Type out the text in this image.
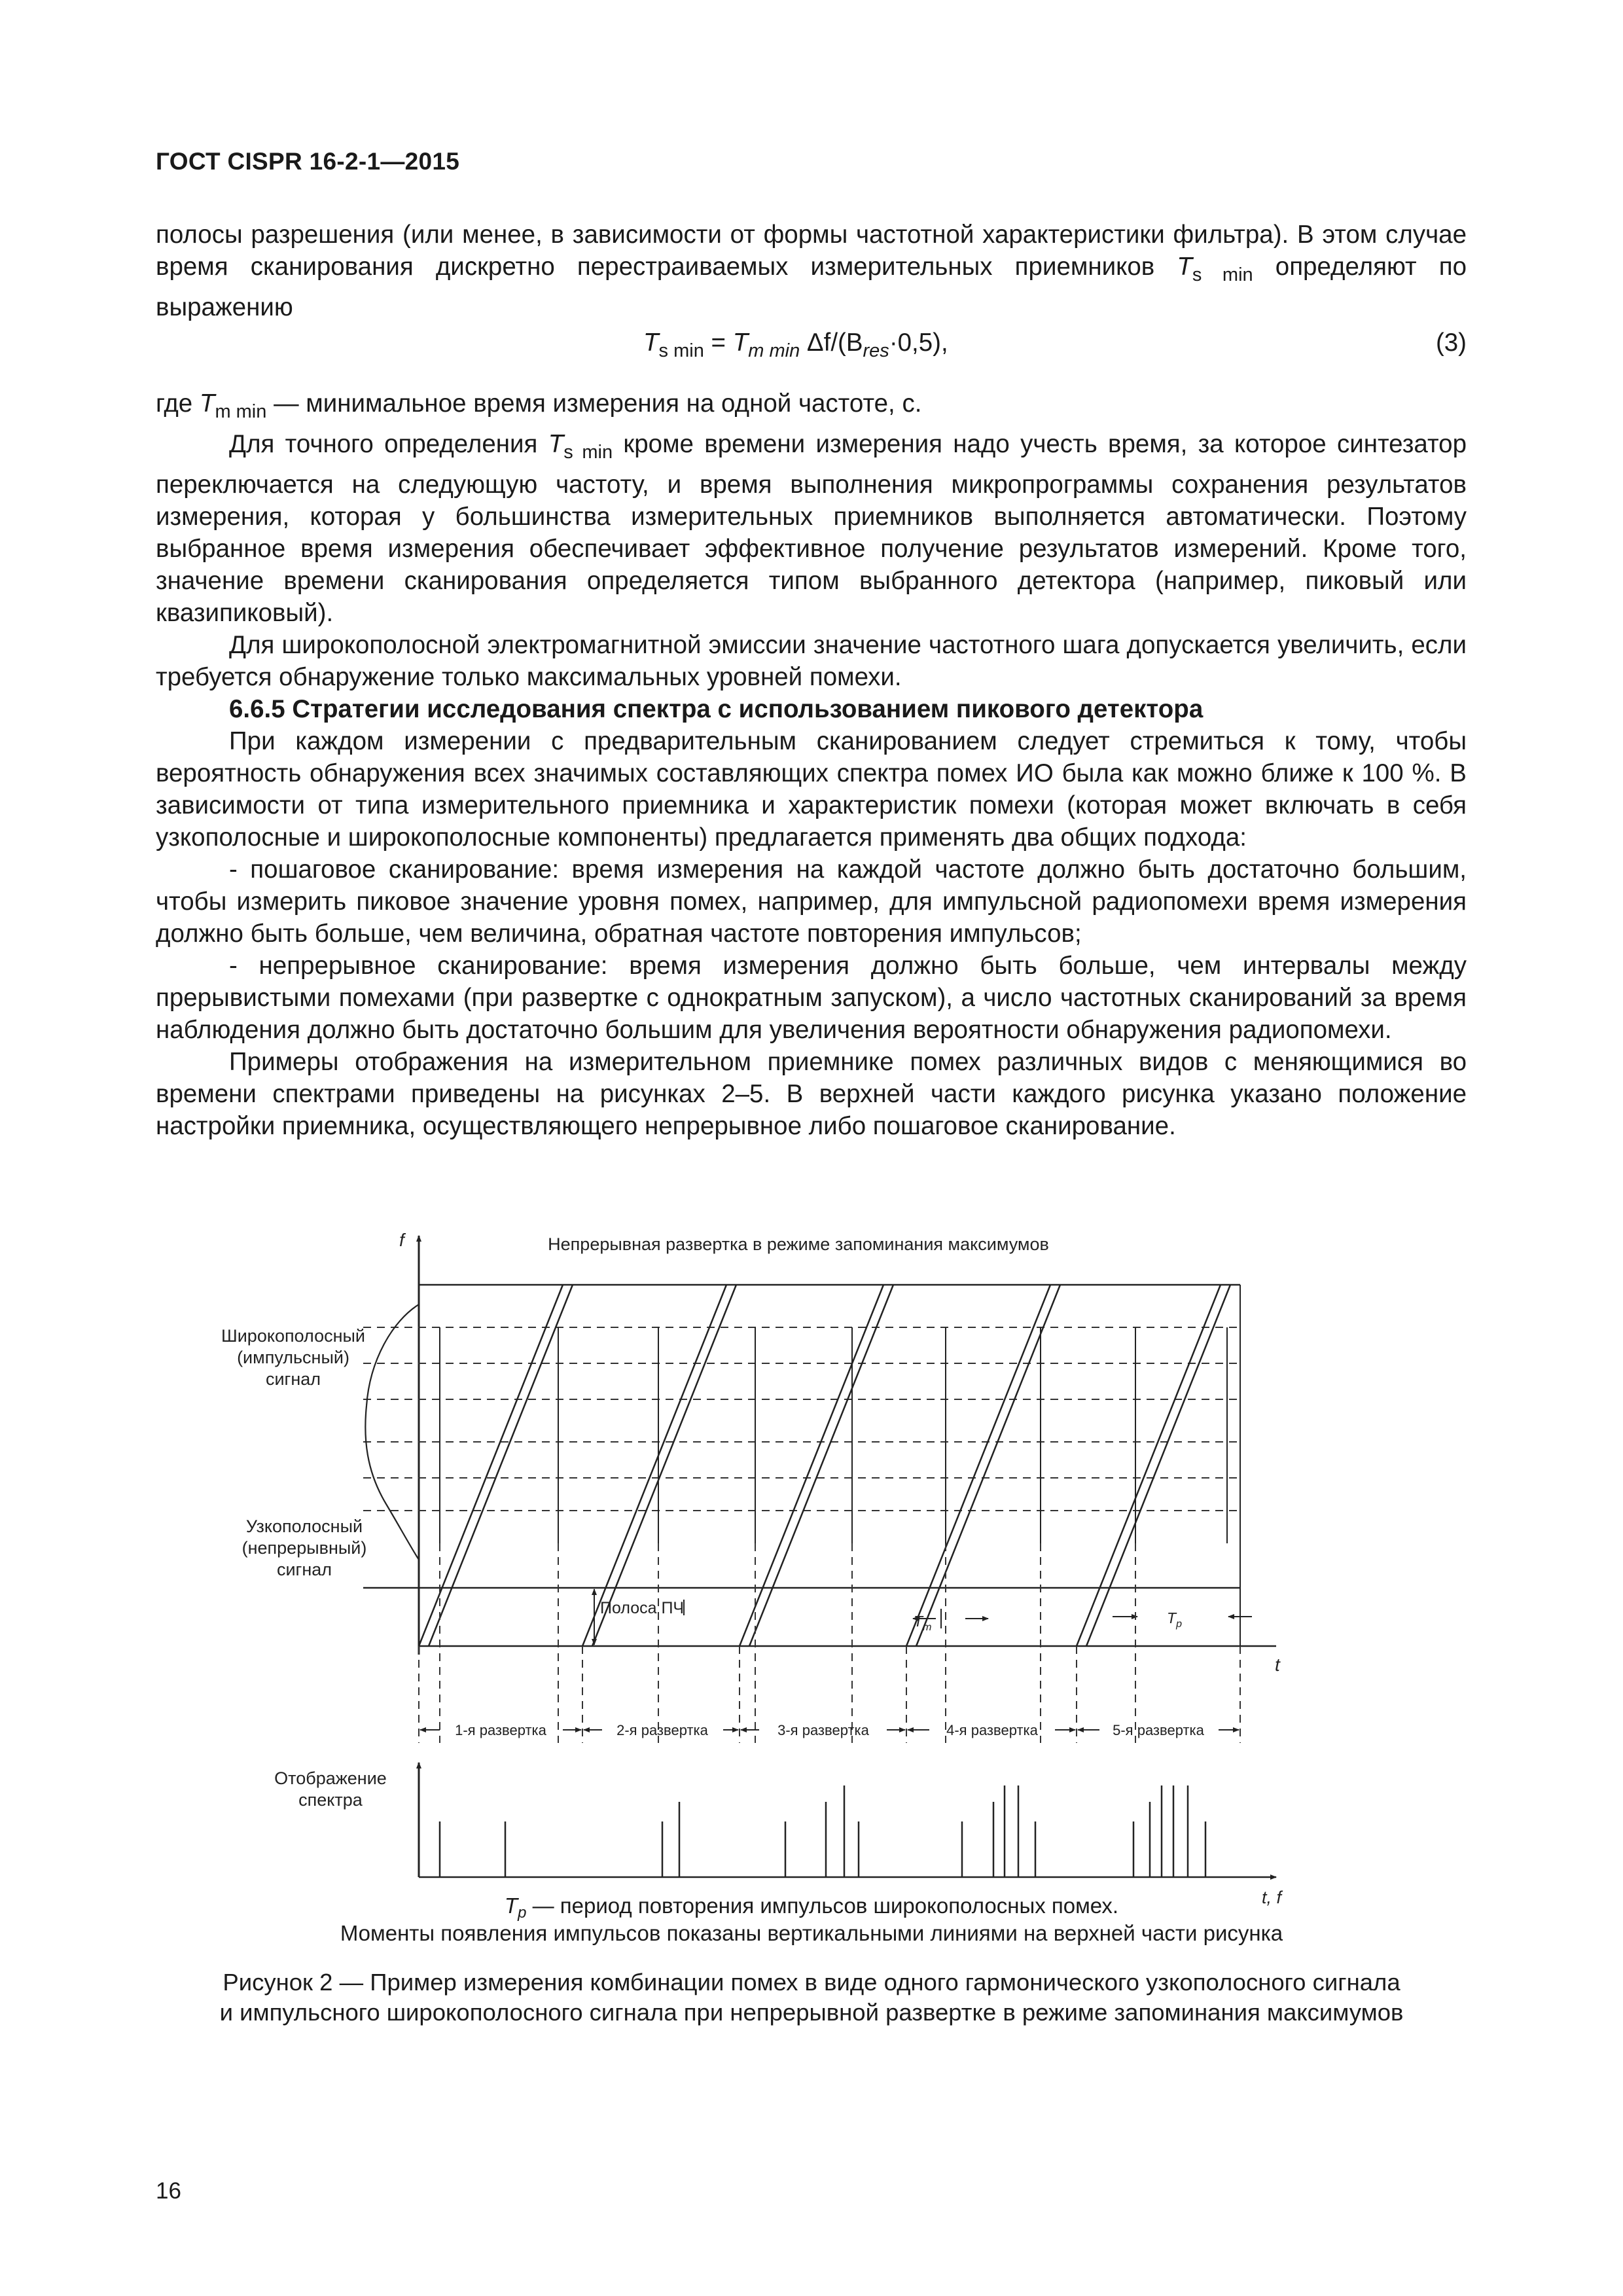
ГОСТ CISPR 16-2-1—2015

полосы разрешения (или менее, в зависимости от формы частотной характеристики фильтра). В этом случае время сканирования дискретно перестраиваемых измерительных приемников $T_{s min}$ определяют по выражению

$T_{s min} = T_{m min}$ $\Delta f/(B_{res}\cdot 0,5)$,	(3)

где $T_{m min}$ — минимальное время измерения на одной частоте, с.

Для точного определения $T_{s min}$ кроме времени измерения надо учесть время, за которое синтезатор переключается на следующую частоту, и время выполнения микропрограммы сохранения результатов измерения, которая у большинства измерительных приемников выполняется автоматически. Поэтому выбранное время измерения обеспечивает эффективное получение результатов измерений. Кроме того, значение времени сканирования определяется типом выбранного детектора (например, пиковый или квазипиковый).

Для широкополосной электромагнитной эмиссии значение частотного шага допускается увеличить, если требуется обнаружение только максимальных уровней помехи.

6.6.5 Стратегии исследования спектра с использованием пикового детектора

При каждом измерении с предварительным сканированием следует стремиться к тому, чтобы вероятность обнаружения всех значимых составляющих спектра помех ИО была как можно ближе к 100 %. В зависимости от типа измерительного приемника и характеристик помехи (которая может включать в себя узкополосные и широкополосные компоненты) предлагается применять два общих подхода:

- пошаговое сканирование: время измерения на каждой частоте должно быть достаточно большим, чтобы измерить пиковое значение уровня помех, например, для импульсной радиопомехи время измерения должно быть больше, чем величина, обратная частоте повторения импульсов;

- непрерывное сканирование: время измерения должно быть больше, чем интервалы между прерывистыми помехами (при развертке с однократным запуском), а число частотных сканирований за время наблюдения должно быть достаточно большим для увеличения вероятности обнаружения радиопомехи.

Примеры отображения на измерительном приемнике помех различных видов с меняющимися во времени спектрами приведены на рисунках 2–5. В верхней части каждого рисунка указано положение настройки приемника, осуществляющего непрерывное либо пошаговое сканирование.

f	Непрерывная развертка в режиме запоминания максимумов
Широкополосный
(импульсный)
сигнал
Узкополосный
(непрерывный)
сигнал
Полоса ПЧ
$T_m$
$T_p$
t
1-я развертка	2-я развертка	3-я развертка	4-я развертка	5-я развертка
Отображение
спектра
t, f
$T_p$ — период повторения импульсов широкополосных помех.
Моменты появления импульсов показаны вертикальными линиями на верхней части рисунка
Рисунок 2 — Пример измерения комбинации помех в виде одного гармонического узкополосного сигнала
и импульсного широкополосного сигнала при непрерывной развертке в режиме запоминания максимумов
16
